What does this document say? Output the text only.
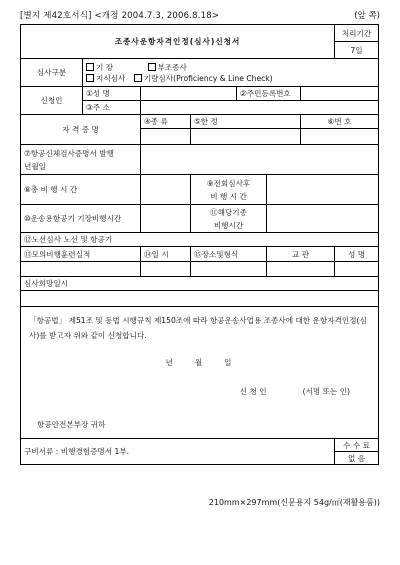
[별지 제42호서식] <개정 2004.7.3, 2006.8.18>	(앞 쪽)
조종사운항자격인정(심사)신청서							처리기간
							7일
심사구분	기 장 부조종사
지식심사 기량심사(Proficiency & Line Check)						

신청인	①성 명			②주민등록번호			
	③주 소						
자 격 증 명		④종 류	⑤한 정			⑥번 호	

⑦항공신체검사증명서 발행
년월일							

⑧총 비 행 시 간			⑨전회심사후
비 행 시 간				

⑩운송용항공기 기장비행시간			⑪해당기종
비행시간				

⑫노선심사 노선 및 항공기							
⑬모의비행훈련실적		⑭일 시	⑮장소및형식		교 관		성 명

심사희망일시							

「항공법」 제51조 및 동법 시행규칙 제150조에 따라 항공운송사업용 조종사에 대한 운항자격인정(심사)를 받고자 위와 같이 신청합니다.

년 월 일
신 청 인 (서명 또는 인)
항공안전본부장 귀하							

구비서류 : 비행경험증명서 1부.							수 수 료
							없 음
210mm×297mm(신문용지 54g/㎡(재활용품))
